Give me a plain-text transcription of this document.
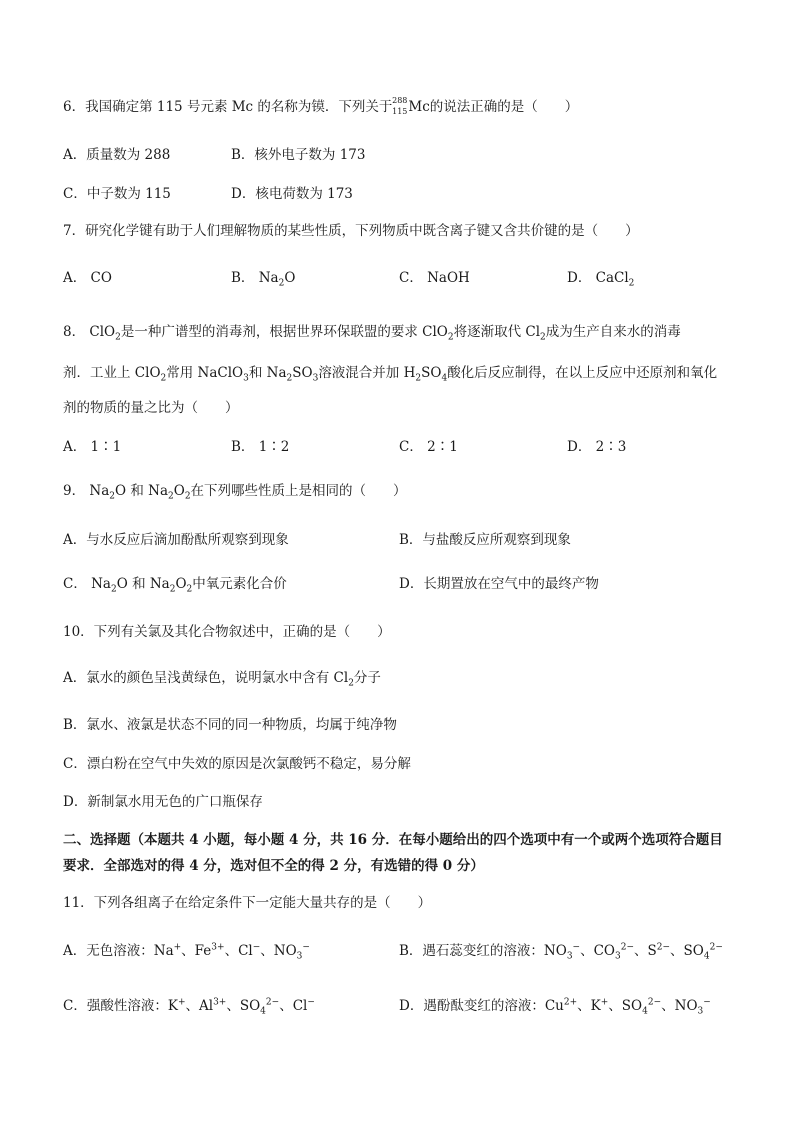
6．我国确定第 115 号元素 Mc 的名称为镆．下列关于 288
115 Mc的说法正确的是（　　）
A．质量数为 288	B．核外电子数为 173
C．中子数为 115	D．核电荷数为 173
7．研究化学键有助于人们理解物质的某些性质，下列物质中既含离子键又含共价键的是（　　）
A． CO	B． $Na_2O$	C． NaOH	D． CaCl$_2$
8． ClO$_2$是一种广谱型的消毒剂，根据世界环保联盟的要求 ClO$_2$将逐渐取代 $Cl_2$成为生产自来水的消毒
剂．工业上 ClO$_2$常用 NaClO$_3$和 $Na_2SO_3$溶液混合并加 $H_2SO_4$酸化后反应制得，在以上反应中还原剂和氧化
剂的物质的量之比为（　　）
A． 1∶1	B． 1∶2	C． 2∶1	D． 2∶3
9． $Na_2O$ 和 $Na_2O_2$在下列哪些性质上是相同的（　　）
A．与水反应后滴加酚酞所观察到现象	B．与盐酸反应所观察到现象
C． $Na_2O$ 和 $Na_2O_2$中氧元素化合价	D．长期置放在空气中的最终产物
10．下列有关氯及其化合物叙述中，正确的是（　　）
A．氯水的颜色呈浅黄绿色，说明氯水中含有 $Cl_2$分子
B．氯水、液氯是状态不同的同一种物质，均属于纯净物
C．漂白粉在空气中失效的原因是次氯酸钙不稳定，易分解
D．新制氯水用无色的广口瓶保存
二、选择题（本题共 4 小题，每小题 4 分，共 16 分．在每小题给出的四个选项中有一个或两个选项符合题目
要求．全部选对的得 4 分，选对但不全的得 2 分，有选错的得 0 分）
11．下列各组离子在给定条件下一定能大量共存的是（　　）
A．无色溶液：Na+、$Fe^{3+}$、Cl−、$NO_3^-$	B．遇石蕊变红的溶液：$NO_3^-$、$CO_3^{2-}$、$S^{2-}$、$SO_4^{2-}$
C．强酸性溶液：K+、$Al^{3+}$、$SO_4^{2-}$、Cl−	D．遇酚酞变红的溶液：$Cu^{2+}$、K+、$SO_4^{2-}$、$NO_3^-$
